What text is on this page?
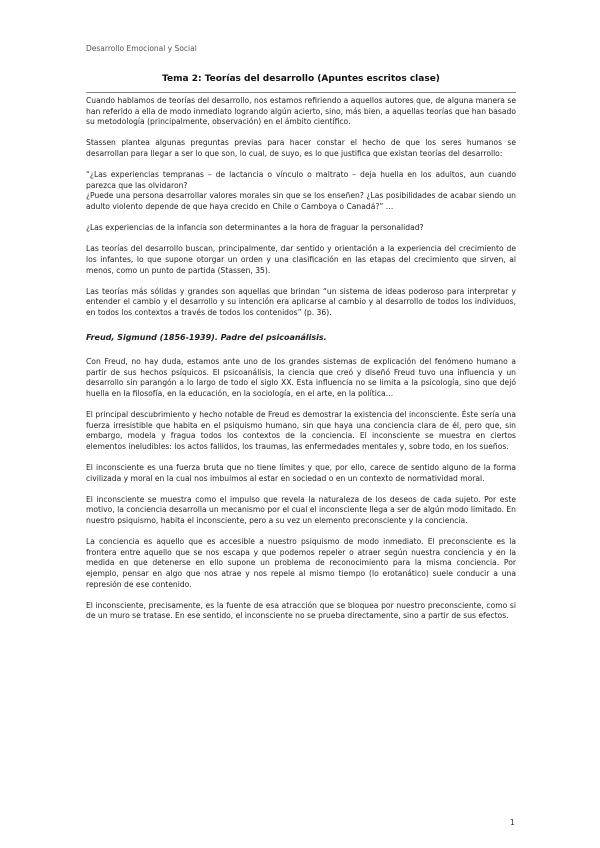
Desarrollo Emocional y Social
Tema 2: Teorías del desarrollo (Apuntes escritos clase)

Cuando hablamos de teorías del desarrollo, nos estamos refiriendo a aquellos autores que, de alguna manera se han referido a ella de modo inmediato logrando algún acierto, sino, más bien, a aquellas teorías que han basado su metodología (principalmente, observación) en el ámbito científico.

Stassen plantea algunas preguntas previas para hacer constar el hecho de que los seres humanos se desarrollan para llegar a ser lo que son, lo cual, de suyo, es lo que justifica que existan teorías del desarrollo:

“¿Las experiencias tempranas – de lactancia o vínculo o maltrato – deja huella en los adultos, aun cuando parezca que las olvidaron?
¿Puede una persona desarrollar valores morales sin que se los enseñen? ¿Las posibilidades de acabar siendo un adulto violento depende de que haya crecido en Chile o Camboya o Canadá?” …

¿Las experiencias de la infancia son determinantes a la hora de fraguar la personalidad?

Las teorías del desarrollo buscan, principalmente, dar sentido y orientación a la experiencia del crecimiento de los infantes, lo que supone otorgar un orden y una clasificación en las etapas del crecimiento que sirven, al menos, como un punto de partida (Stassen, 35).

Las teorías más sólidas y grandes son aquellas que brindan “un sistema de ideas poderoso para interpretar y entender el cambio y el desarrollo y su intención era aplicarse al cambio y al desarrollo de todos los individuos, en todos los contextos a través de todos los contenidos” (p. 36).

Freud, Sigmund (1856-1939). Padre del psicoanálisis.

Con Freud, no hay duda, estamos ante uno de los grandes sistemas de explicación del fenómeno humano a partir de sus hechos psíquicos. El psicoanálisis, la ciencia que creó y diseñó Freud tuvo una influencia y un desarrollo sin parangón a lo largo de todo el siglo XX. Esta influencia no se limita a la psicología, sino que dejó huella en la filosofía, en la educación, en la sociología, en el arte, en la política…

El principal descubrimiento y hecho notable de Freud es demostrar la existencia del inconsciente. Éste sería una fuerza irresistible que habita en el psiquismo humano, sin que haya una conciencia clara de él, pero que, sin embargo, modela y fragua todos los contextos de la conciencia. El inconsciente se muestra en ciertos elementos ineludibles: los actos fallidos, los traumas, las enfermedades mentales y, sobre todo, en los sueños.

El inconsciente es una fuerza bruta que no tiene límites y que, por ello, carece de sentido alguno de la forma civilizada y moral en la cual nos imbuimos al estar en sociedad o en un contexto de normatividad moral.

El inconsciente se muestra como el impulso que revela la naturaleza de los deseos de cada sujeto. Por este motivo, la conciencia desarrolla un mecanismo por el cual el inconsciente llega a ser de algún modo limitado. En nuestro psiquismo, habita el inconsciente, pero a su vez un elemento preconsciente y la conciencia.

La conciencia es aquello que es accesible a nuestro psiquismo de modo inmediato. El preconsciente es la frontera entre aquello que se nos escapa y que podemos repeler o atraer según nuestra conciencia y en la medida en que detenerse en ello supone un problema de reconocimiento para la misma conciencia. Por ejemplo, pensar en algo que nos atrae y nos repele al mismo tiempo (lo erotanático) suele conducir a una represión de ese contenido.

El inconsciente, precisamente, es la fuente de esa atracción que se bloquea por nuestro preconsciente, como si de un muro se tratase. En ese sentido, el inconsciente no se prueba directamente, sino a partir de sus efectos.

1
